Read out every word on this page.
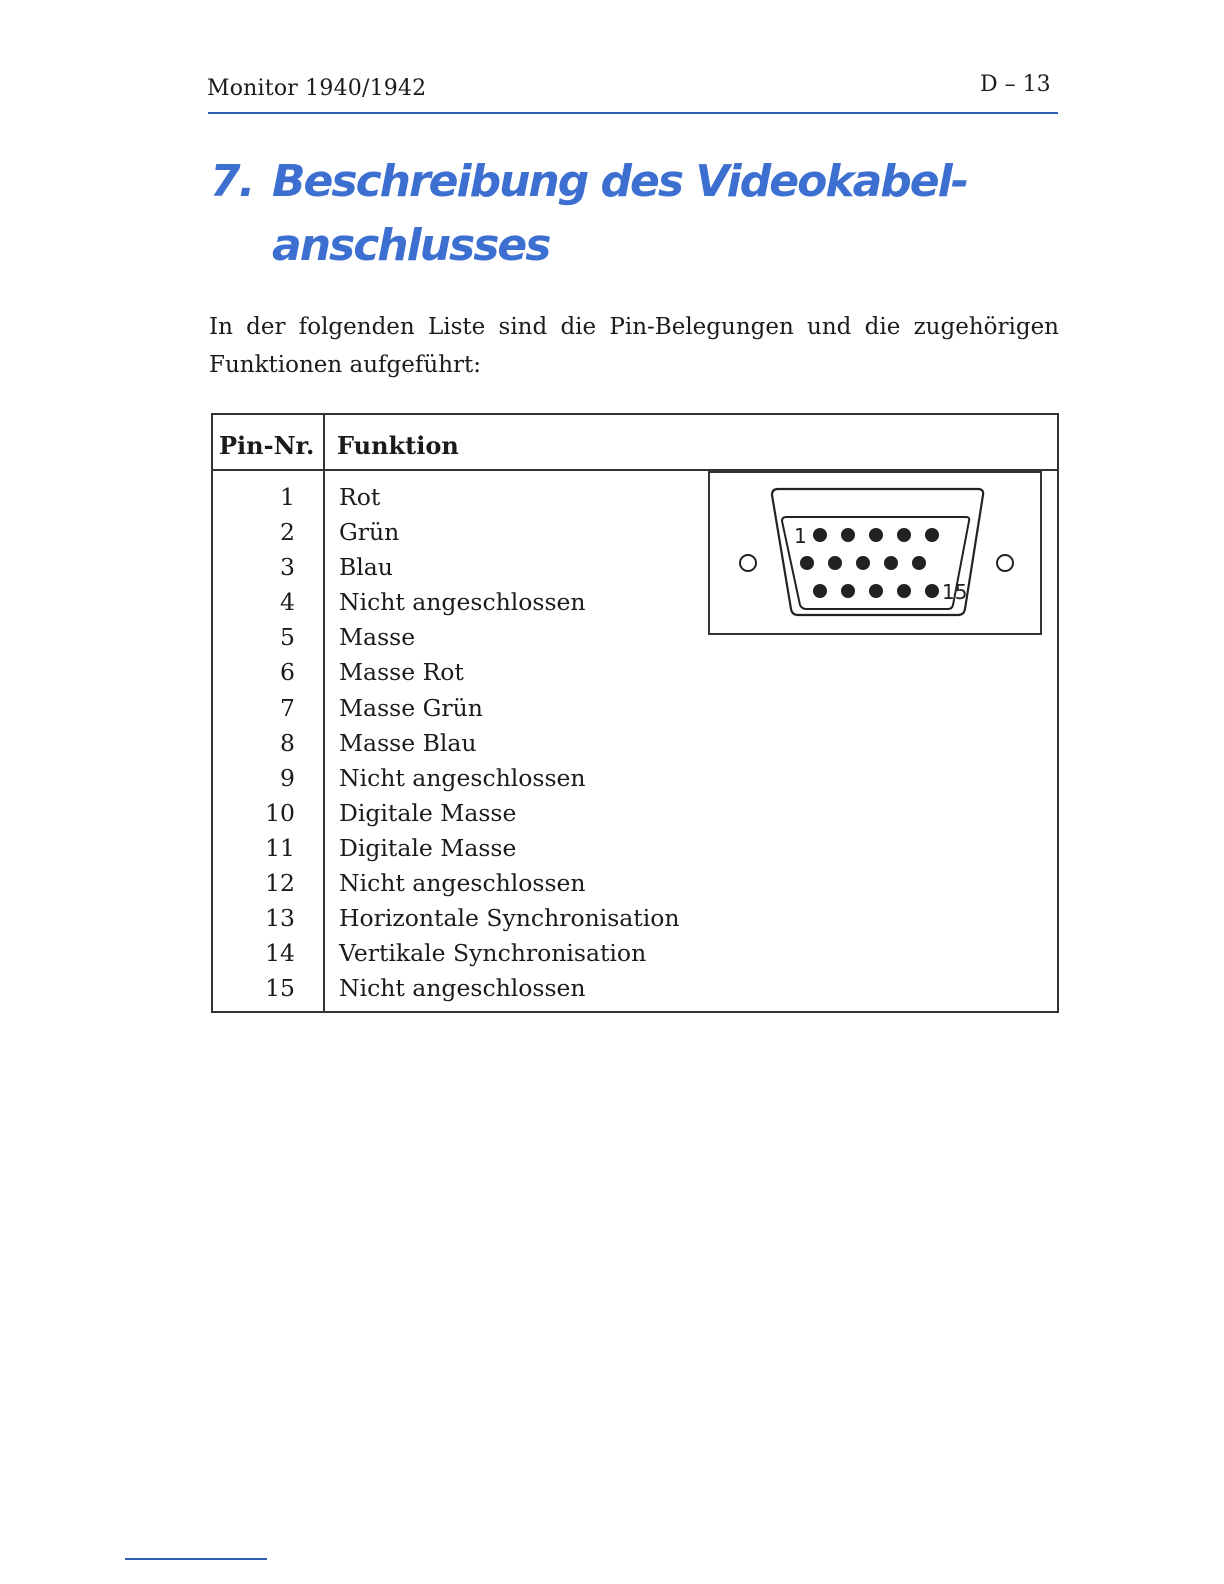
Monitor 1940/1942	D – 13
7. Beschreibung des Videokabel-
anschlusses

In der folgenden Liste sind die Pin-Belegungen und die zugehörigen Funktionen aufgeführt:

Pin-Nr. Funktion
1 Rot
2 Grün
3 Blau
4 Nicht angeschlossen
5 Masse
6 Masse Rot
7 Masse Grün
8 Masse Blau
9 Nicht angeschlossen
10 Digitale Masse
11 Digitale Masse
12 Nicht angeschlossen
13 Horizontale Synchronisation
14 Vertikale Synchronisation
15 Nicht angeschlossen
1
15
